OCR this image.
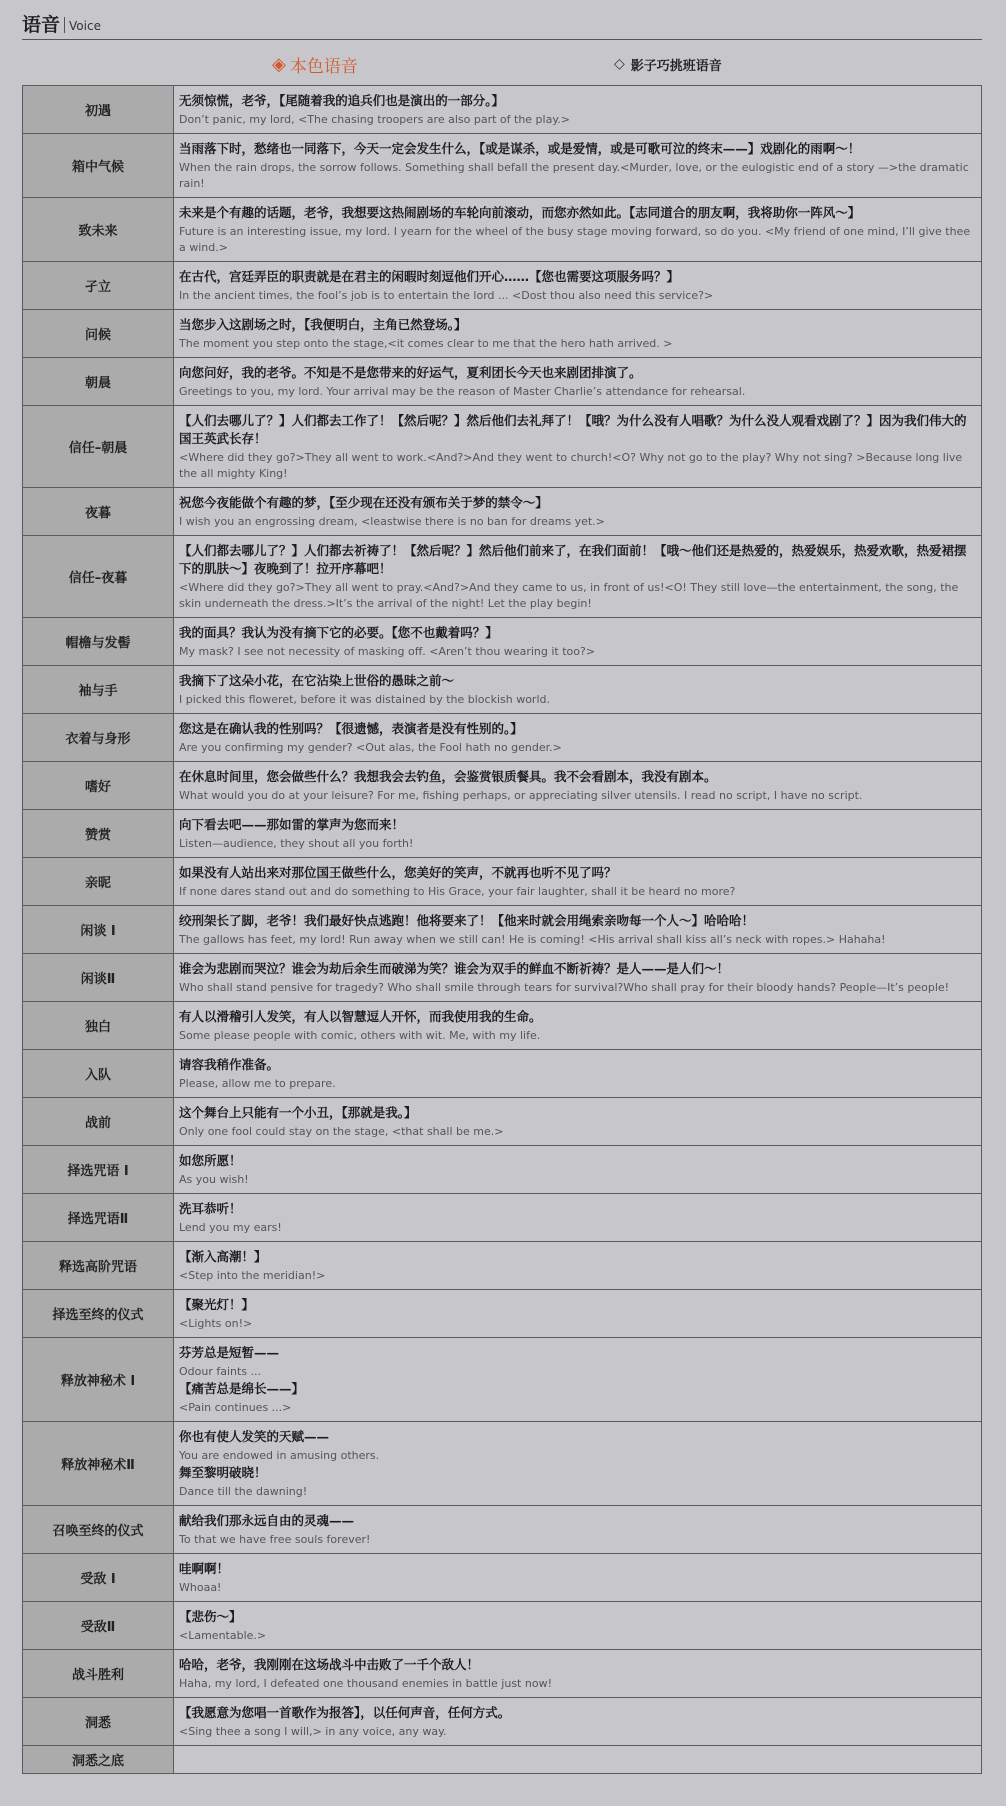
语音 Voice
◈ 本色语音	◇ 影子巧挑班语音
初遇	无须惊慌，老爷，【尾随着我的追兵们也是演出的一部分。】
Don’t panic, my lord, <The chasing troopers are also part of the play.>

箱中气候	当雨落下时，愁绪也一同落下，今天一定会发生什么，【或是谋杀，或是爱情，或是可歌可泣的终末——】戏剧化的雨啊～！
When the rain drops, the sorrow follows. Something shall befall the present day.<Murder, love, or the eulogistic end of a story —>the dramatic rain!

致未来	未来是个有趣的话题，老爷，我想要这热闹剧场的车轮向前滚动，而您亦然如此。【志同道合的朋友啊，我将助你一阵风～】
Future is an interesting issue, my lord. I yearn for the wheel of the busy stage moving forward, so do you. <My friend of one mind, I’ll give thee a wind.>

孑立	在古代，宫廷弄臣的职责就是在君主的闲暇时刻逗他们开心……【您也需要这项服务吗？】
In the ancient times, the fool’s job is to entertain the lord ... <Dost thou also need this service?>

问候	当您步入这剧场之时，【我便明白，主角已然登场。】
The moment you step onto the stage,<it comes clear to me that the hero hath arrived. >

朝晨	向您问好，我的老爷。不知是不是您带来的好运气，夏利团长今天也来剧团排演了。
Greetings to you, my lord. Your arrival may be the reason of Master Charlie’s attendance for rehearsal.

信任–朝晨	【人们去哪儿了？】人们都去工作了！【然后呢？】然后他们去礼拜了！【哦？为什么没有人唱歌？为什么没人观看戏剧了？】因为我们伟大的国王英武长存！
<Where did they go?>They all went to work.<And?>And they went to church!<O? Why not go to the play? Why not sing? >Because long live the all mighty King!

夜暮	祝您今夜能做个有趣的梦，【至少现在还没有颁布关于梦的禁令～】
I wish you an engrossing dream, <leastwise there is no ban for dreams yet.>

信任–夜暮	【人们都去哪儿了？】人们都去祈祷了！【然后呢？】然后他们前来了，在我们面前！【哦～他们还是热爱的，热爱娱乐，热爱欢歌，热爱裙摆下的肌肤～】夜晚到了！拉开序幕吧！
<Where did they go?>They all went to pray.<And?>And they came to us, in front of us!<O! They still love—the entertainment, the song, the skin underneath the dress.>It’s the arrival of the night! Let the play begin!

帽檐与发髻	我的面具？我认为没有摘下它的必要。【您不也戴着吗？】
My mask? I see not necessity of masking off. <Aren’t thou wearing it too?>

袖与手	我摘下了这朵小花，在它沾染上世俗的愚昧之前～
I picked this floweret, before it was distained by the blockish world.

衣着与身形	您这是在确认我的性别吗？【很遗憾，表演者是没有性别的。】
Are you confirming my gender? <Out alas, the Fool hath no gender.>

嗜好	在休息时间里，您会做些什么？我想我会去钓鱼，会鉴赏银质餐具。我不会看剧本，我没有剧本。
What would you do at your leisure? For me, fishing perhaps, or appreciating silver utensils. I read no script, I have no script.

赞赏	向下看去吧——那如雷的掌声为您而来！
Listen—audience, they shout all you forth!

亲昵	如果没有人站出来对那位国王做些什么，您美好的笑声，不就再也听不见了吗？
If none dares stand out and do something to His Grace, your fair laughter, shall it be heard no more?

闲谈 I	绞刑架长了脚，老爷！我们最好快点逃跑！他将要来了！【他来时就会用绳索亲吻每一个人～】哈哈哈！
The gallows has feet, my lord! Run away when we still can! He is coming! <His arrival shall kiss all’s neck with ropes.> Hahaha!

闲谈Ⅱ	谁会为悲剧而哭泣？谁会为劫后余生而破涕为笑？谁会为双手的鲜血不断祈祷？是人——是人们～！
Who shall stand pensive for tragedy? Who shall smile through tears for survival?Who shall pray for their bloody hands? People—It’s people!

独白	有人以滑稽引人发笑，有人以智慧逗人开怀，而我使用我的生命。
Some please people with comic, others with wit. Me, with my life.

入队	请容我稍作准备。
Please, allow me to prepare.

战前	这个舞台上只能有一个小丑，【那就是我。】
Only one fool could stay on the stage, <that shall be me.>

择选咒语 I	如您所愿！
As you wish!

择选咒语Ⅱ	洗耳恭听！
Lend you my ears!

释选高阶咒语	【渐入高潮！】
<Step into the meridian!>

择选至终的仪式	【聚光灯！】
<Lights on!>

释放神秘术 I	芬芳总是短暂——
Odour faints ...
【痛苦总是绵长——】
<Pain continues ...>

释放神秘术Ⅱ	你也有使人发笑的天赋——
You are endowed in amusing others.
舞至黎明破晓！
Dance till the dawning!

召唤至终的仪式	献给我们那永远自由的灵魂——
To that we have free souls forever!

受敌 I	哇啊啊！
Whoaa!

受敌Ⅱ	【悲伤～】
<Lamentable.>

战斗胜利	哈哈，老爷，我刚刚在这场战斗中击败了一千个敌人！
Haha, my lord, I defeated one thousand enemies in battle just now!

洞悉	【我愿意为您唱一首歌作为报答】，以任何声音，任何方式。
<Sing thee a song I will,> in any voice, any way.

洞悉之底	
